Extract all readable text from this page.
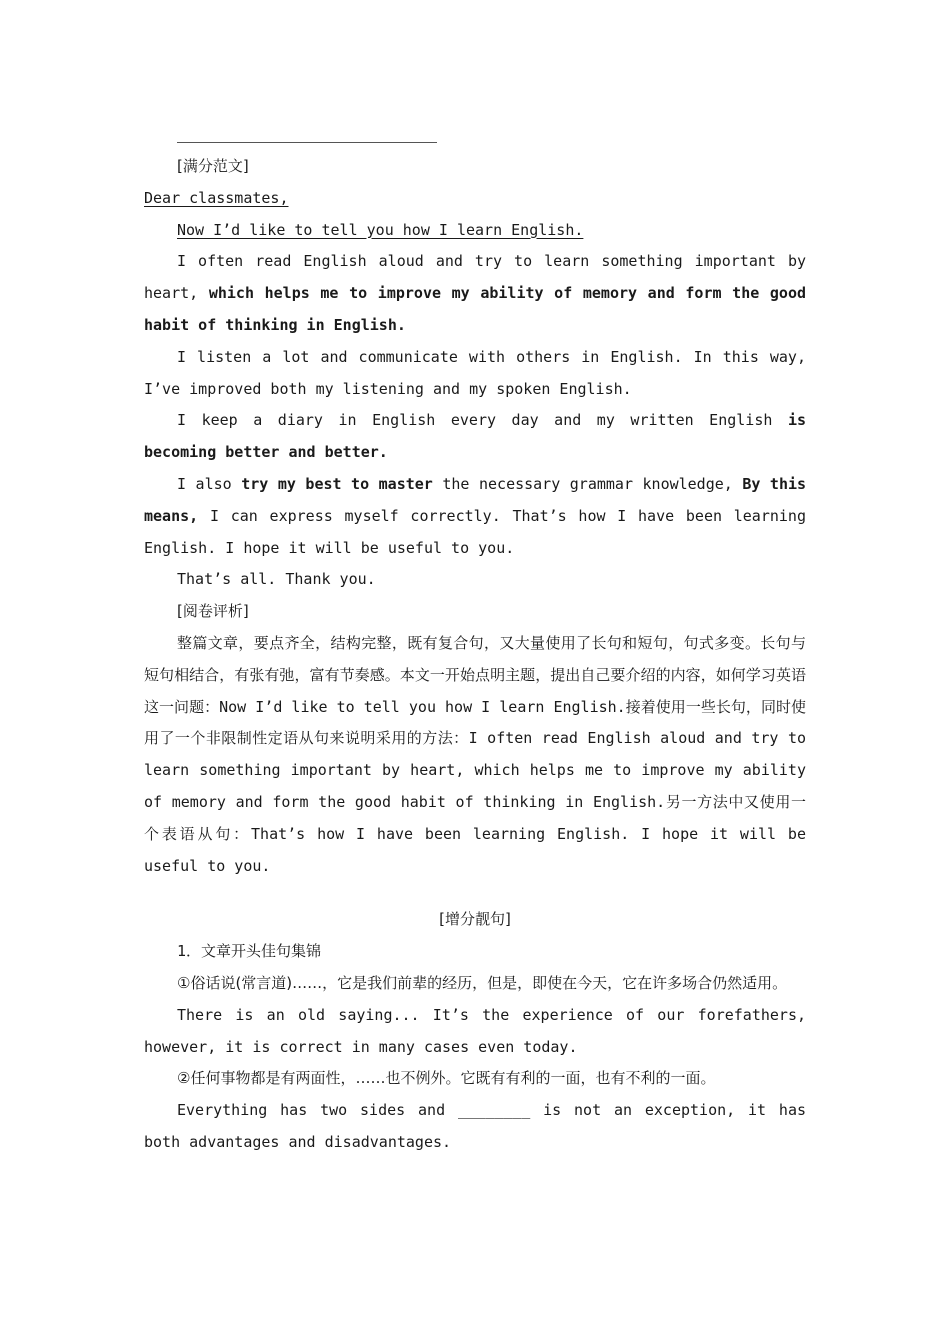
[满分范文]

Dear classmates,

Now I’d like to tell you how I learn English.

I often read English aloud and try to learn something important by heart, which helps me to improve my ability of memory and form the good habit of thinking in English.

I listen a lot and communicate with others in English. In this way, I’ve improved both my listening and my spoken English.

I keep a diary in English every day and my written English is becoming better and better.

I also try my best to master the necessary grammar knowledge, By this means, I can express myself correctly. That’s how I have been learning English. I hope it will be useful to you.

That’s all. Thank you.

[阅卷评析]

整篇文章，要点齐全，结构完整，既有复合句，又大量使用了长句和短句，句式多变。长句与短句相结合，有张有弛，富有节奏感。本文一开始点明主题，提出自己要介绍的内容，如何学习英语这一问题：Now I’d like to tell you how I learn English.接着使用一些长句，同时使用了一个非限制性定语从句来说明采用的方法：I often read English aloud and try to learn something important by heart, which helps me to improve my ability of memory and form the good habit of thinking in English.另一方法中又使用一个表语从句：That’s how I have been learning English. I hope it will be useful to you.

[增分靓句]

1．文章开头佳句集锦

①俗话说(常言道)……，它是我们前辈的经历，但是，即使在今天，它在许多场合仍然适用。

There is an old saying... It’s the experience of our forefathers, however, it is correct in many cases even today.

②任何事物都是有两面性，……也不例外。它既有有利的一面，也有不利的一面。

Everything has two sides and ________ is not an exception, it has both advantages and disadvantages.
